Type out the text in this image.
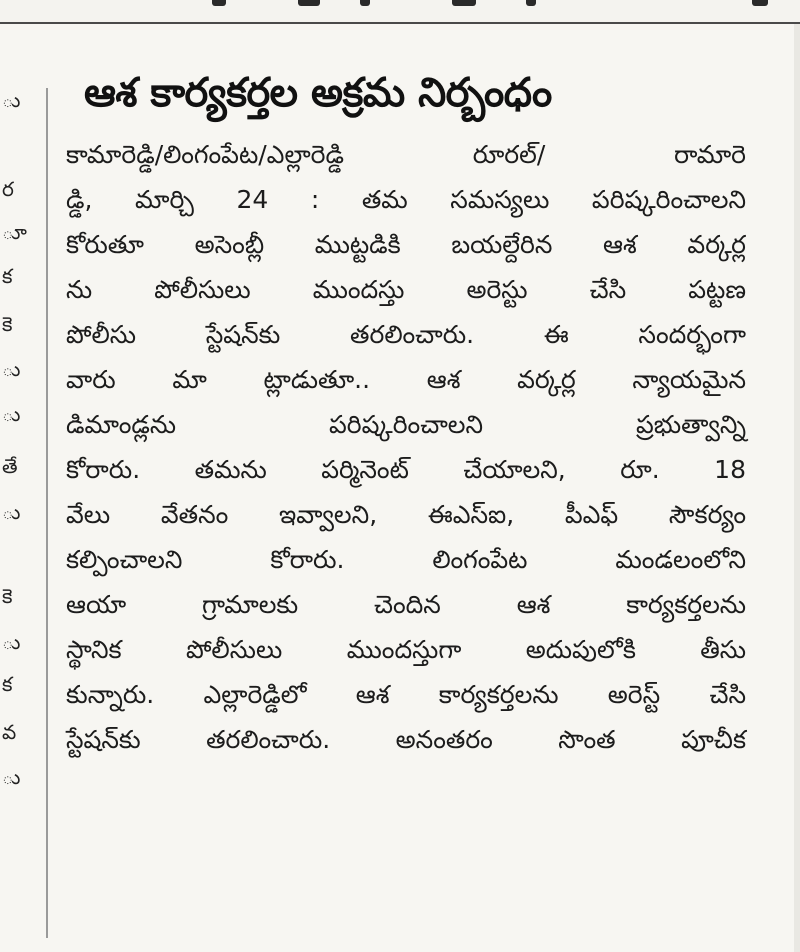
ు
ర
ూ
క
కె
ు
ు
తే
ు
కె
ు
క
వ
ు
ఆశ కార్యకర్తల అక్రమ నిర్బంధం
కామారెడ్డి/లింగంపేట/ఎల్లారెడ్డి రూరల్/ రామారె
డ్డి, మార్చి 24 : తమ సమస్యలు పరిష్కరించాలని
కోరుతూ అసెంబ్లీ ముట్టడికి బయల్దేరిన ఆశ వర్కర్ల
ను పోలీసులు ముందస్తు అరెస్టు చేసి పట్టణ
పోలీసు స్టేషన్‌కు తరలించారు. ఈ సందర్భంగా
వారు మా ట్లాడుతూ.. ఆశ వర్కర్ల న్యాయమైన
డిమాండ్లను పరిష్కరించాలని ప్రభుత్వాన్ని
కోరారు. తమను పర్మినెంట్ చేయాలని, రూ. 18
వేలు వేతనం ఇవ్వాలని, ఈఎస్ఐ, పీఎఫ్ సౌకర్యం
కల్పించాలని కోరారు. లింగంపేట మండలంలోని
ఆయా గ్రామాలకు చెందిన ఆశ కార్యకర్తలను
స్థానిక పోలీసులు ముందస్తుగా అదుపులోకి తీసు
కున్నారు. ఎల్లారెడ్డిలో ఆశ కార్యకర్తలను అరెస్ట్ చేసి
స్టేషన్‌కు తరలించారు. అనంతరం సొంత పూచీక
